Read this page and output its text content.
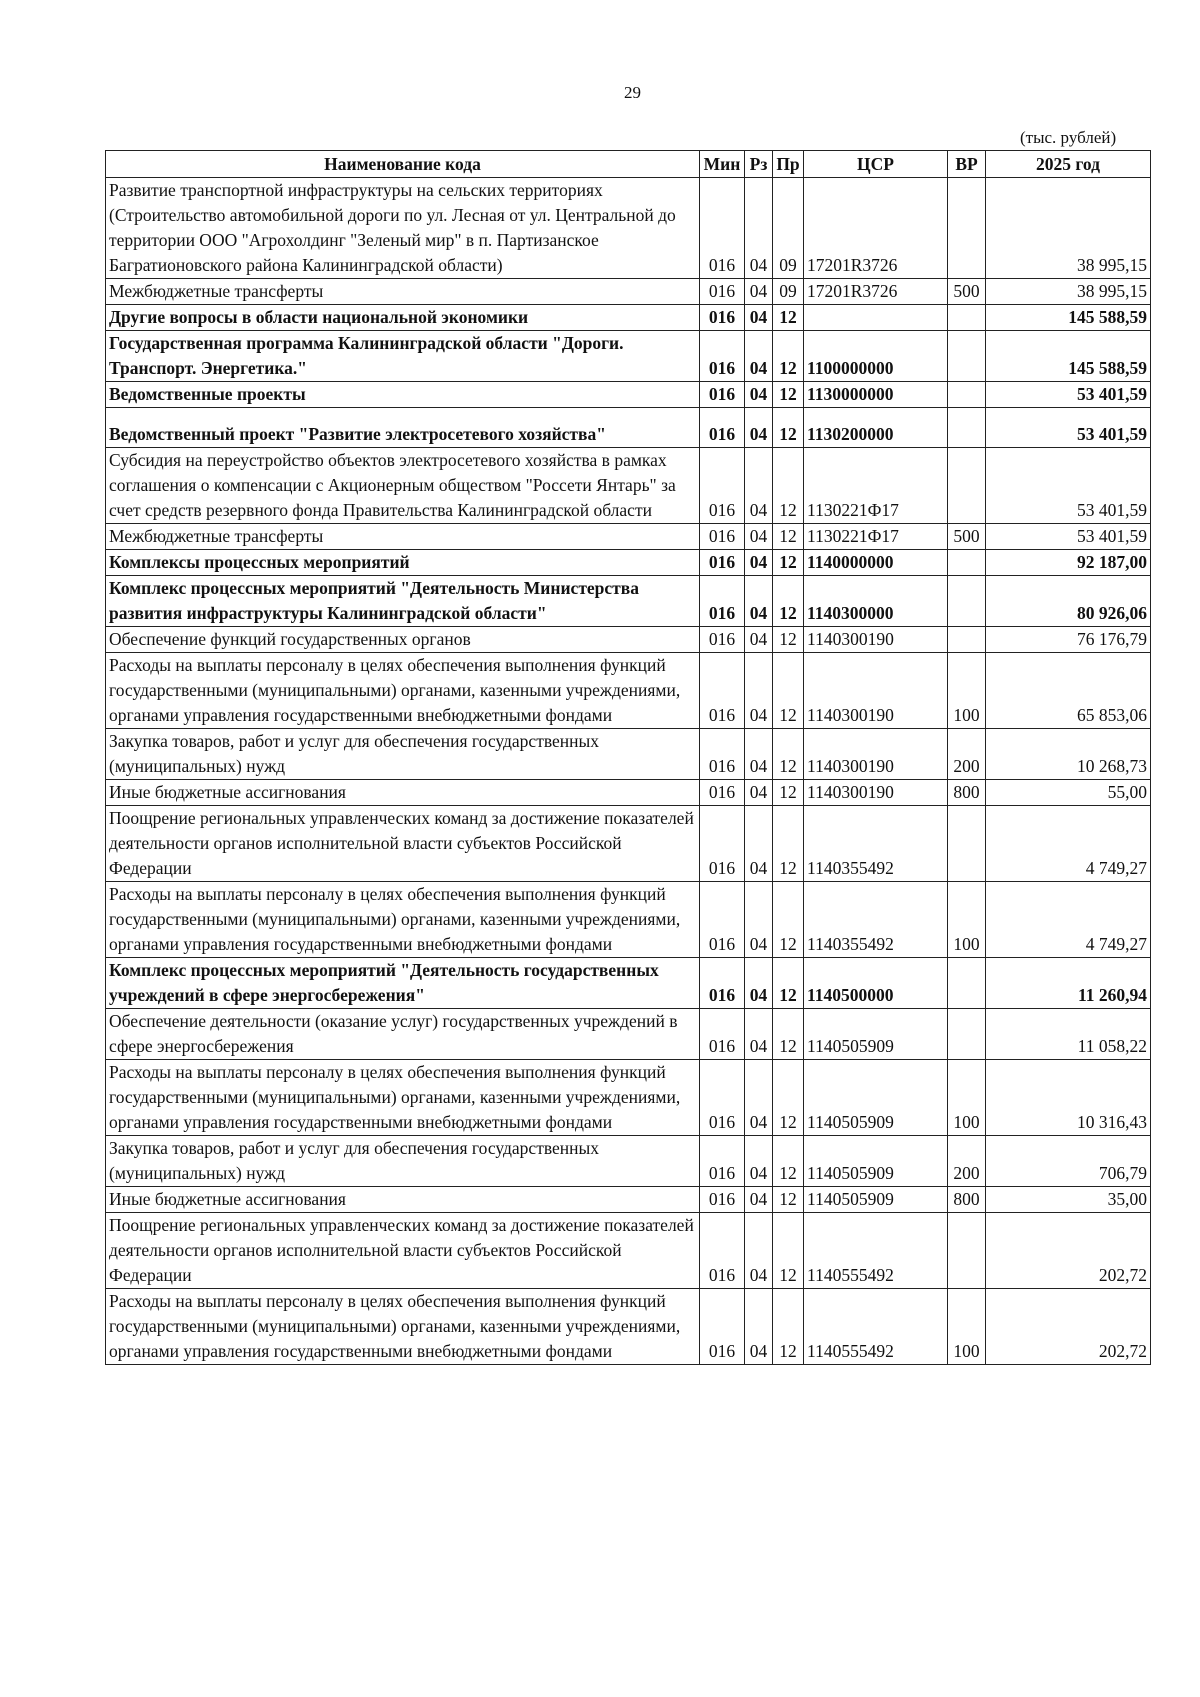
29
(тыс. рублей)
Наименование кода	Мин	Рз	Пр	ЦСР	ВР	2025 год
Развитие транспортной инфраструктуры на сельских территориях (Строительство автомобильной дороги по ул. Лесная от ул. Центральной до территории ООО "Агрохолдинг "Зеленый мир" в п. Партизанское Багратионовского района Калининградской области)	016	04	09	17201R3726		38 995,15
Межбюджетные трансферты	016	04	09	17201R3726	500	38 995,15
Другие вопросы в области национальной экономики	016	04	12			145 588,59
Государственная программа Калининградской области "Дороги. Транспорт. Энергетика."	016	04	12	1100000000		145 588,59
Ведомственные проекты	016	04	12	1130000000		53 401,59
Ведомственный проект "Развитие электросетевого хозяйства"	016	04	12	1130200000		53 401,59
Субсидия на переустройство объектов электросетевого хозяйства в рамках соглашения о компенсации с Акционерным обществом "Россети Янтарь" за счет средств резервного фонда Правительства Калининградской области	016	04	12	1130221Ф17		53 401,59
Межбюджетные трансферты	016	04	12	1130221Ф17	500	53 401,59
Комплексы процессных мероприятий	016	04	12	1140000000		92 187,00
Комплекс процессных мероприятий "Деятельность Министерства развития инфраструктуры Калининградской области"	016	04	12	1140300000		80 926,06
Обеспечение функций государственных органов	016	04	12	1140300190		76 176,79
Расходы на выплаты персоналу в целях обеспечения выполнения функций государственными (муниципальными) органами, казенными учреждениями, органами управления государственными внебюджетными фондами	016	04	12	1140300190	100	65 853,06
Закупка товаров, работ и услуг для обеспечения государственных (муниципальных) нужд	016	04	12	1140300190	200	10 268,73
Иные бюджетные ассигнования	016	04	12	1140300190	800	55,00
Поощрение региональных управленческих команд за достижение показателей деятельности органов исполнительной власти субъектов Российской Федерации	016	04	12	1140355492		4 749,27
Расходы на выплаты персоналу в целях обеспечения выполнения функций государственными (муниципальными) органами, казенными учреждениями, органами управления государственными внебюджетными фондами	016	04	12	1140355492	100	4 749,27
Комплекс процессных мероприятий "Деятельность государственных учреждений в сфере энергосбережения"	016	04	12	1140500000		11 260,94
Обеспечение деятельности (оказание услуг) государственных учреждений в сфере энергосбережения	016	04	12	1140505909		11 058,22
Расходы на выплаты персоналу в целях обеспечения выполнения функций государственными (муниципальными) органами, казенными учреждениями, органами управления государственными внебюджетными фондами	016	04	12	1140505909	100	10 316,43
Закупка товаров, работ и услуг для обеспечения государственных (муниципальных) нужд	016	04	12	1140505909	200	706,79
Иные бюджетные ассигнования	016	04	12	1140505909	800	35,00
Поощрение региональных управленческих команд за достижение показателей деятельности органов исполнительной власти субъектов Российской Федерации	016	04	12	1140555492		202,72
Расходы на выплаты персоналу в целях обеспечения выполнения функций государственными (муниципальными) органами, казенными учреждениями, органами управления государственными внебюджетными фондами	016	04	12	1140555492	100	202,72
